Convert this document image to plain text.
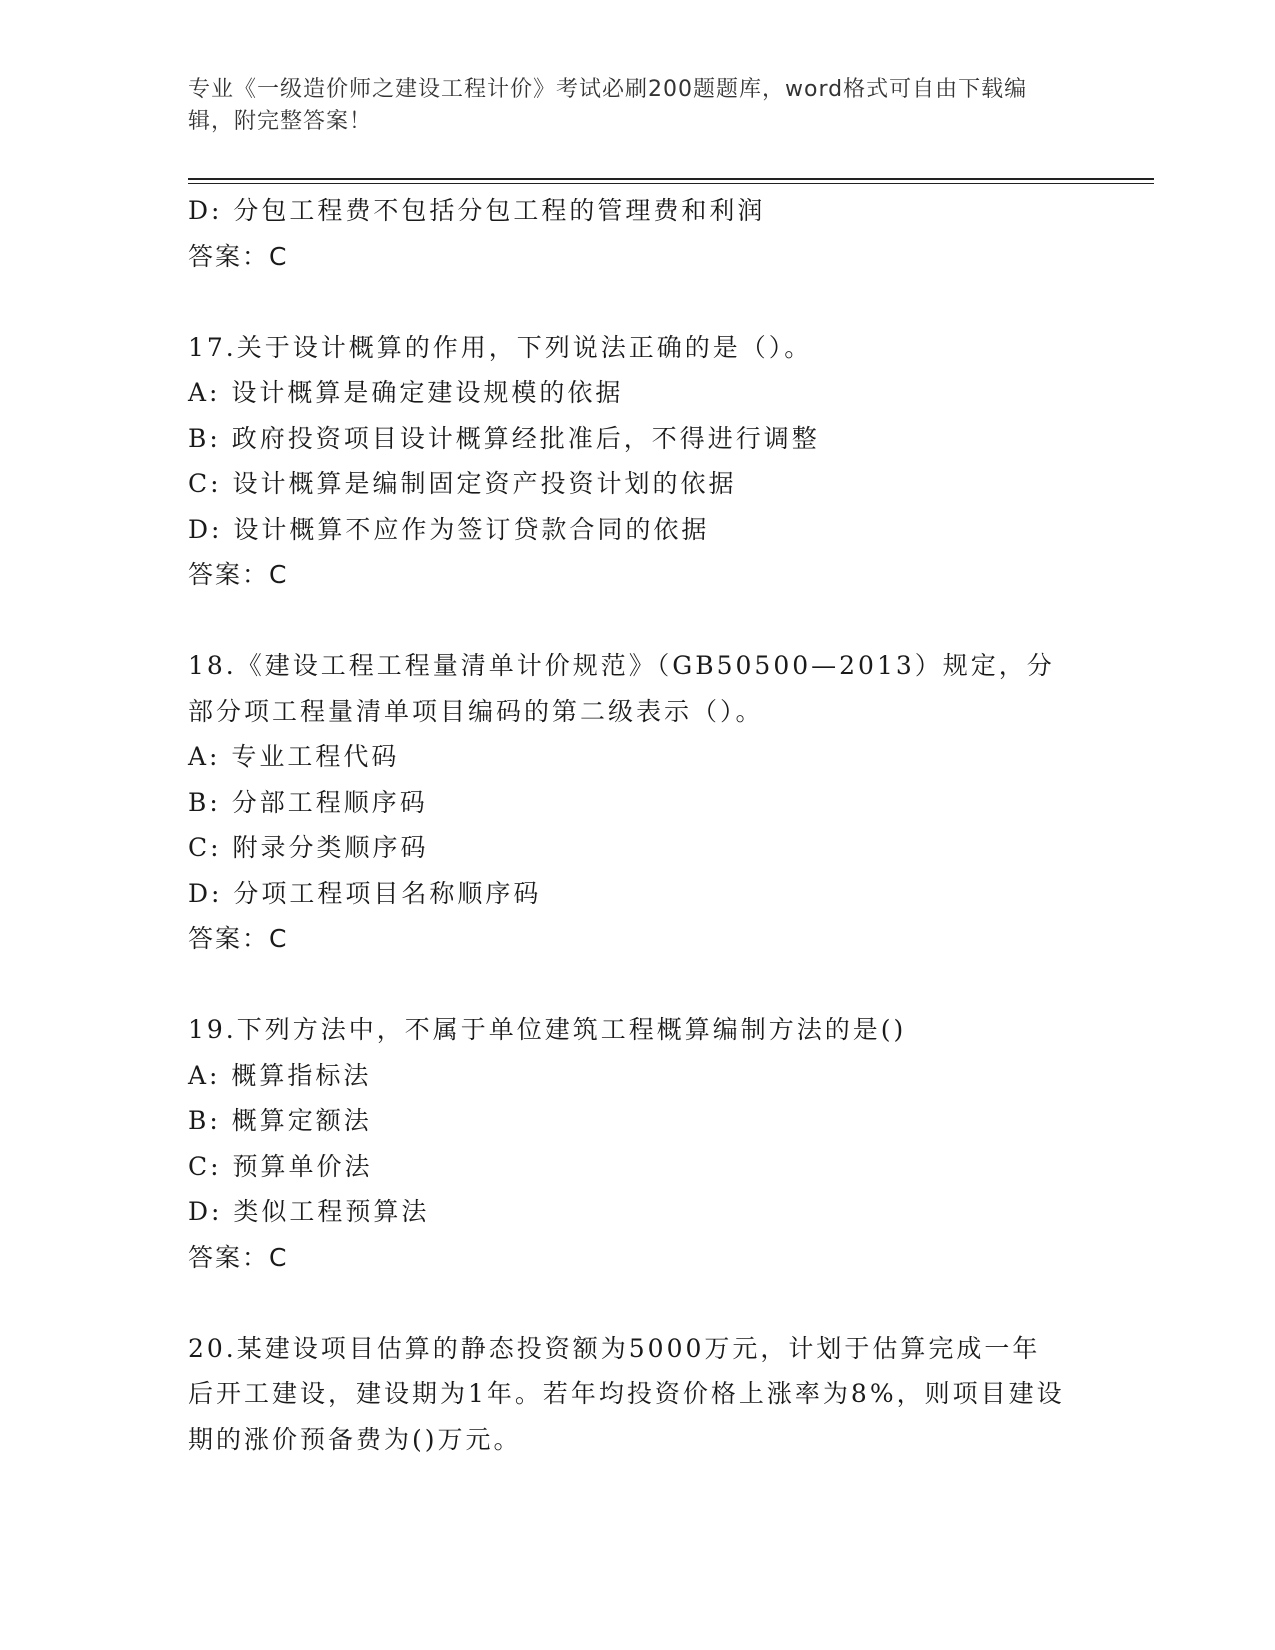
专业《一级造价师之建设工程计价》考试必刷200题题库，word格式可自由下载编辑，附完整答案！
D: 分包工程费不包括分包工程的管理费和利润
答案：C
17.关于设计概算的作用，下列说法正确的是（）。
A: 设计概算是确定建设规模的依据
B: 政府投资项目设计概算经批准后，不得进行调整
C: 设计概算是编制固定资产投资计划的依据
D: 设计概算不应作为签订贷款合同的依据
答案：C
18.《建设工程工程量清单计价规范》（GB50500—2013）规定，分部分项工程量清单项目编码的第二级表示（）。
A: 专业工程代码
B: 分部工程顺序码
C: 附录分类顺序码
D: 分项工程项目名称顺序码
答案：C
19.下列方法中，不属于单位建筑工程概算编制方法的是()
A: 概算指标法
B: 概算定额法
C: 预算单价法
D: 类似工程预算法
答案：C
20.某建设项目估算的静态投资额为5000万元，计划于估算完成一年后开工建设，建设期为1年。若年均投资价格上涨率为8%，则项目建设期的涨价预备费为()万元。
